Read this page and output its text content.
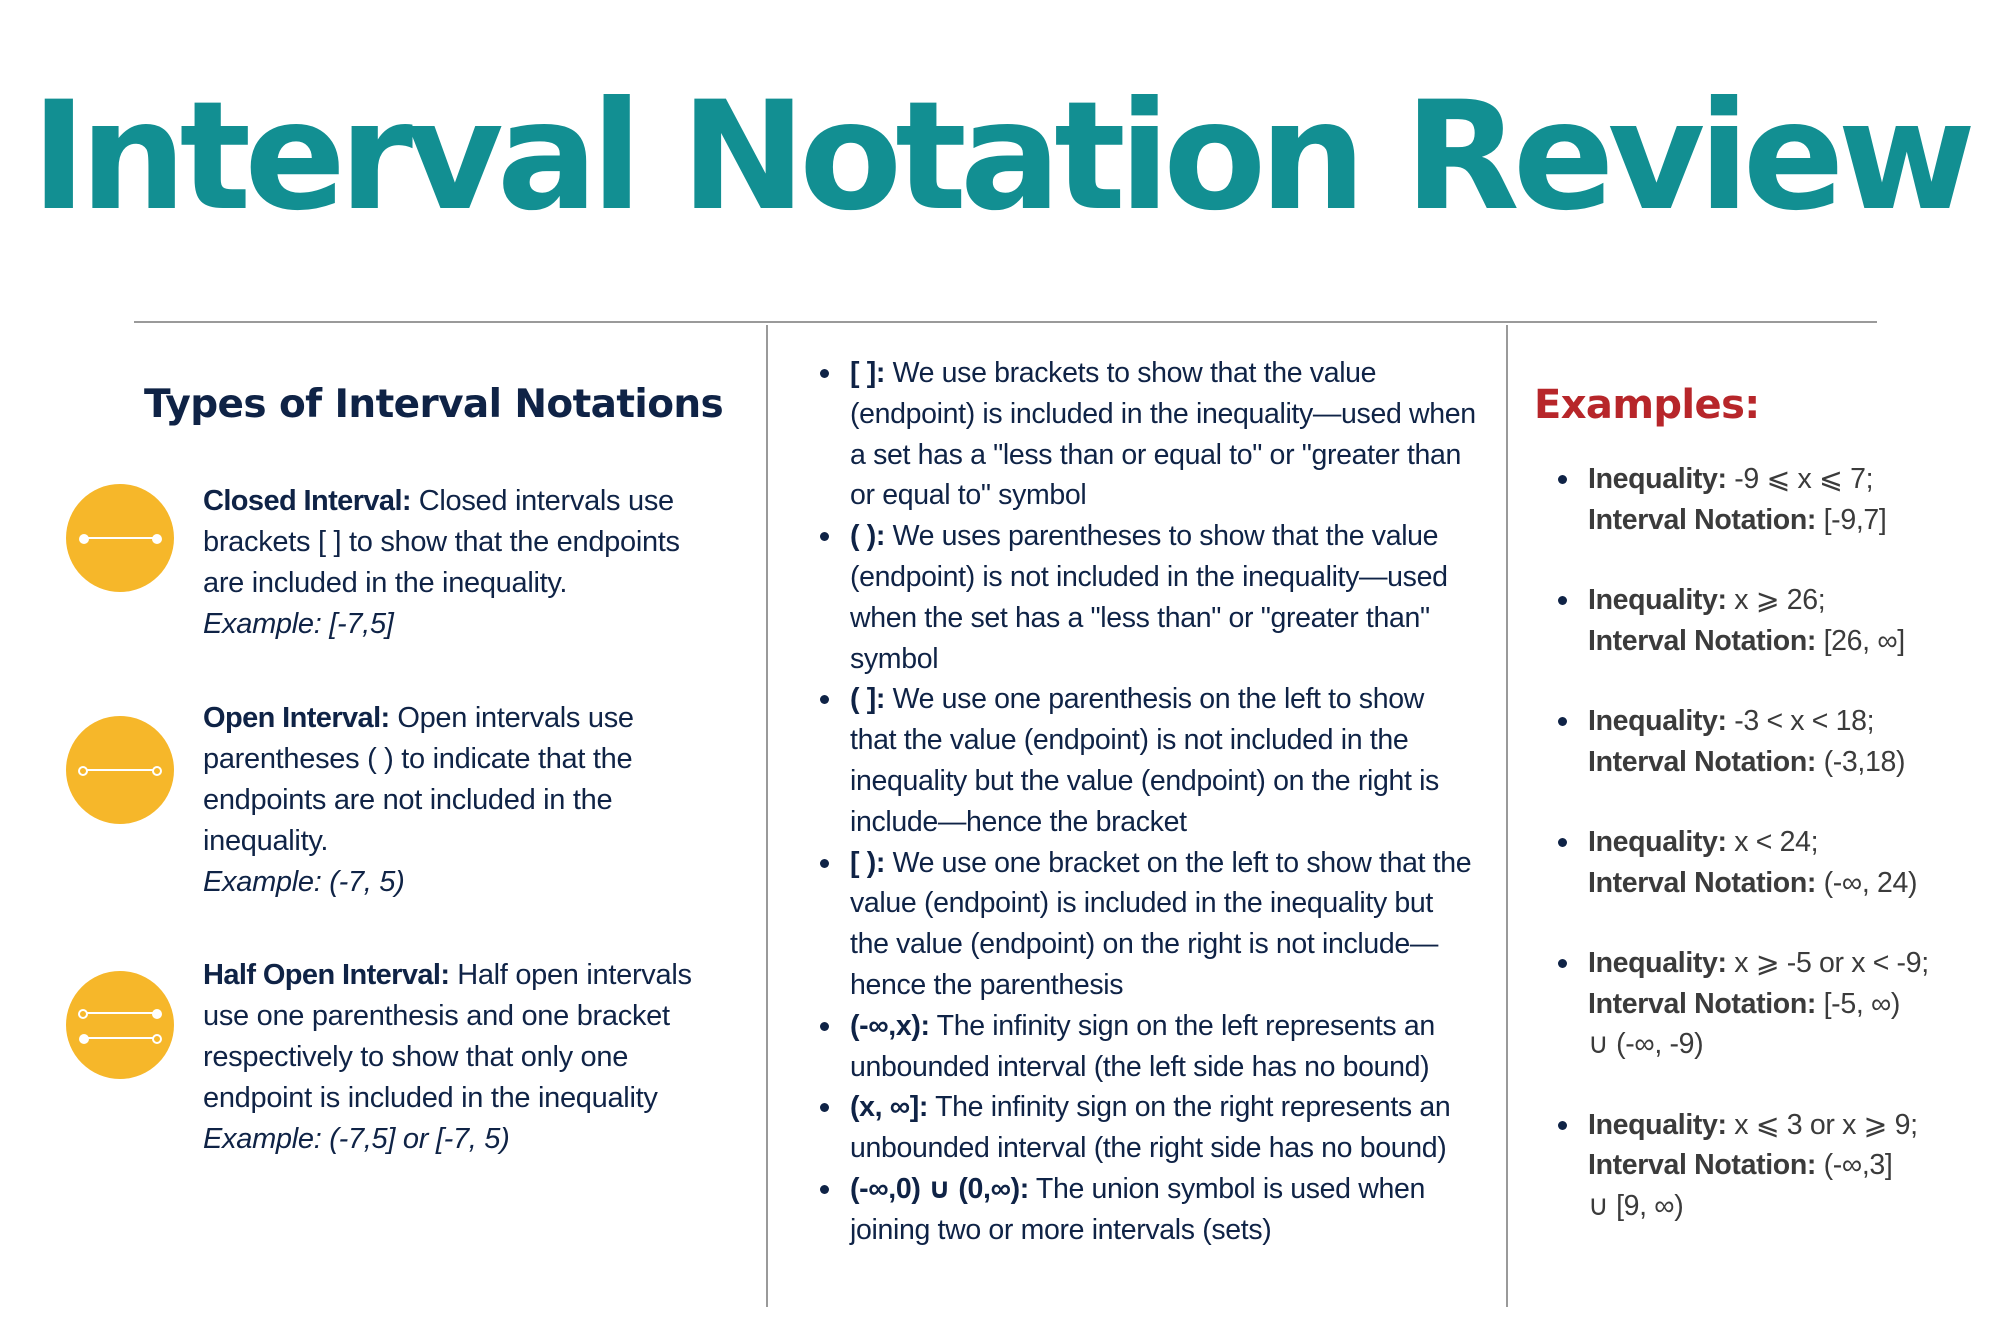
Interval Notation Review
Types of Interval Notations
Closed Interval: Closed intervals use brackets [ ] to show that the endpoints are included in the inequality.
Example: [-7,5]
Open Interval: Open intervals use parentheses ( ) to indicate that the endpoints are not included in the inequality.
Example: (-7, 5)
Half Open Interval: Half open intervals use one parenthesis and one bracket respectively to show that only one endpoint is included in the inequality
Example: (-7,5] or [-7, 5)
[ ]: We use brackets to show that the value (endpoint) is included in the inequality—used when a set has a "less than or equal to" or "greater than or equal to" symbol
( ): We uses parentheses to show that the value (endpoint) is not included in the inequality—used when the set has a "less than" or "greater than" symbol
( ]: We use one parenthesis on the left to show that the value (endpoint) is not included in the inequality but the value (endpoint) on the right is include—hence the bracket
[ ): We use one bracket on the left to show that the value (endpoint) is included in the inequality but the value (endpoint) on the right is not include—hence the parenthesis
(-∞,x): The infinity sign on the left represents an unbounded interval (the left side has no bound)
(x, ∞]: The infinity sign on the right represents an unbounded interval (the right side has no bound)
(-∞,0) ∪ (0,∞): The union symbol is used when joining two or more intervals (sets)
Examples:
Inequality: -9 ⩽ x ⩽ 7;
Interval Notation: [-9,7]
Inequality: x ⩾ 26;
Interval Notation: [26, ∞]
Inequality: -3 < x < 18;
Interval Notation: (-3,18)
Inequality: x < 24;
Interval Notation: (-∞, 24)
Inequality: x ⩾ -5 or x < -9;
Interval Notation: [-5, ∞)
∪ (-∞, -9)
Inequality: x ⩽ 3 or x ⩾ 9;
Interval Notation: (-∞,3]
∪ [9, ∞)
